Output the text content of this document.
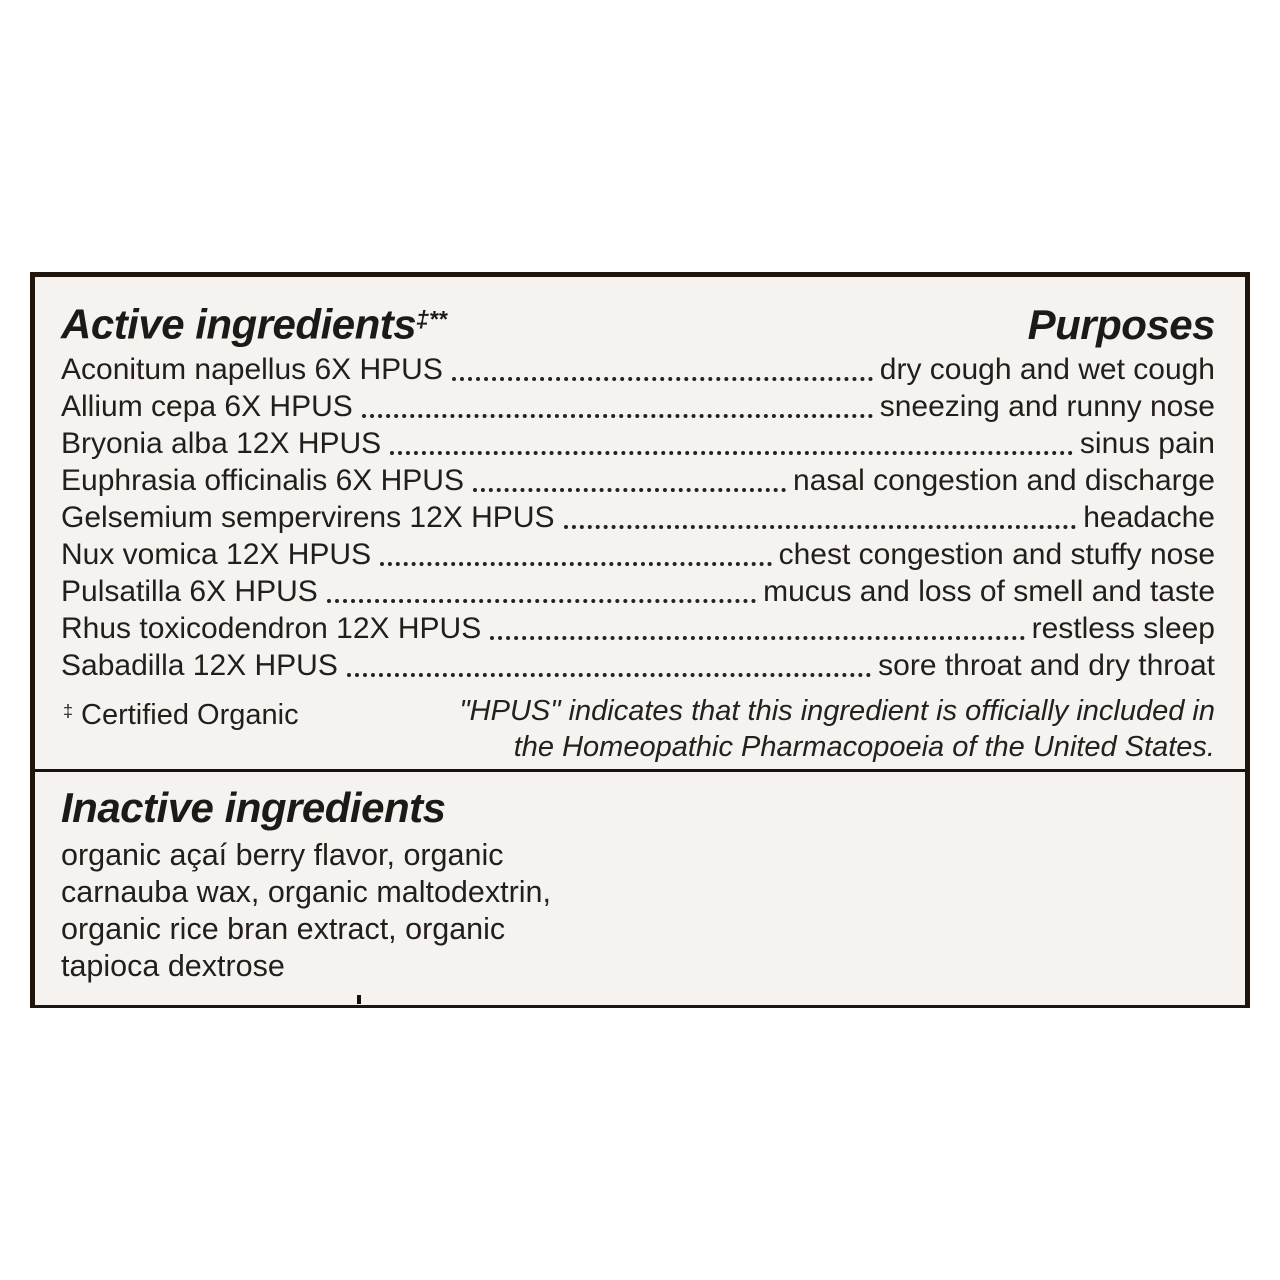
Active ingredients‡**	Purposes
Aconitum napellus 6X HPUS	dry cough and wet cough
Allium cepa 6X HPUS	sneezing and runny nose
Bryonia alba 12X HPUS	sinus pain
Euphrasia officinalis 6X HPUS	nasal congestion and discharge
Gelsemium sempervirens 12X HPUS	headache
Nux vomica 12X HPUS	chest congestion and stuffy nose
Pulsatilla 6X HPUS	mucus and loss of smell and taste
Rhus toxicodendron 12X HPUS	restless sleep
Sabadilla 12X HPUS	sore throat and dry throat
‡ Certified Organic	"HPUS" indicates that this ingredient is officially included in
the Homeopathic Pharmacopoeia of the United States.
Inactive ingredients
organic açaí berry flavor, organic
carnauba wax, organic maltodextrin,
organic rice bran extract, organic
tapioca dextrose
